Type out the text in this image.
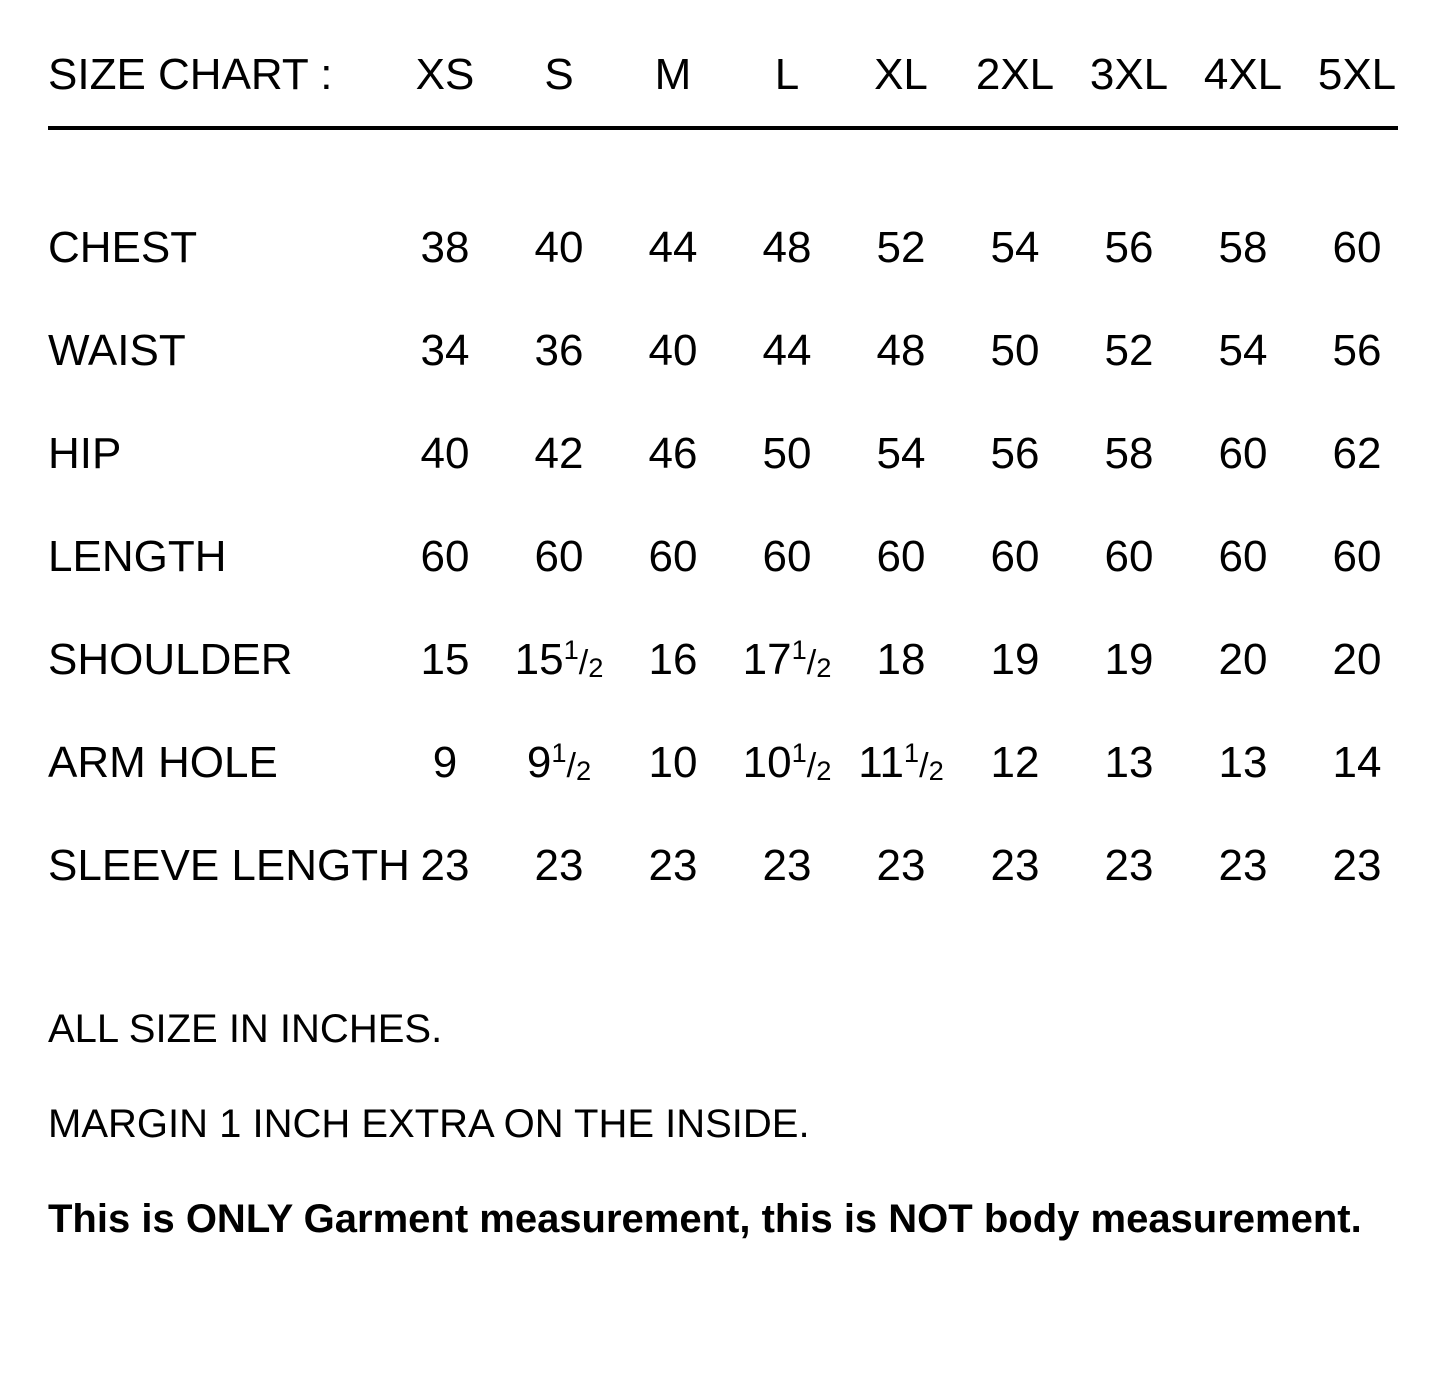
SIZE CHART :	XS	S	M	L	XL	2XL	3XL	4XL	5XL

CHEST	38	40	44	48	52	54	56	58	60
WAIST	34	36	40	44	48	50	52	54	56
HIP	40	42	46	50	54	56	58	60	62
LENGTH	60	60	60	60	60	60	60	60	60
SHOULDER	15	151/2	16	171/2	18	19	19	20	20
ARM HOLE	9	91/2	10	101/2	111/2	12	13	13	14
SLEEVE LENGTH	23	23	23	23	23	23	23	23	23
ALL SIZE IN INCHES.
MARGIN 1 INCH EXTRA ON THE INSIDE.
This is ONLY Garment measurement, this is NOT body measurement.
